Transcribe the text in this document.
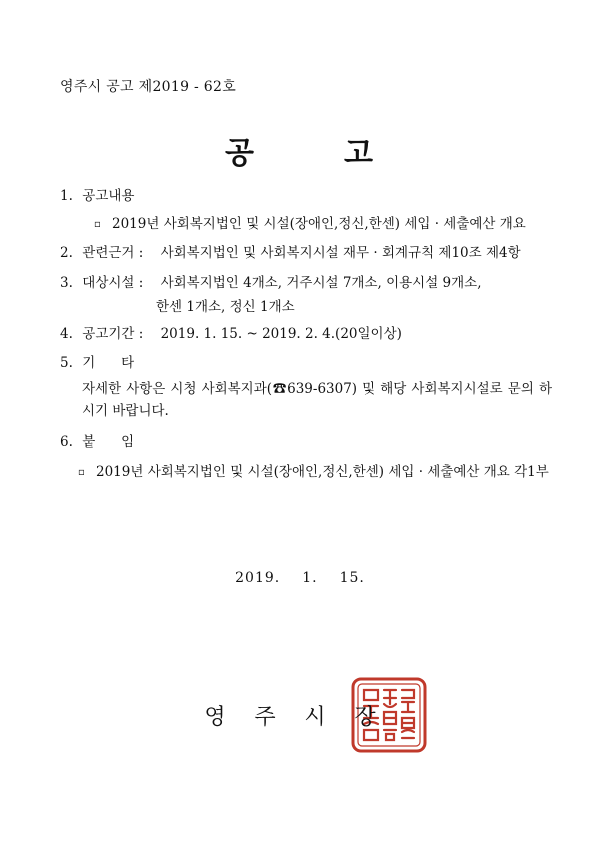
영주시 공고 제2019 - 62호
공	고
1. 공고내용
▫ 2019년 사회복지법인 및 시설(장애인,정신,한센) 세입 · 세출예산 개요
2. 관련근거 : 사회복지법인 및 사회복지시설 재무 · 회계규칙 제10조 제4항
3. 대상시설 : 사회복지법인 4개소, 거주시설 7개소, 이용시설 9개소,
한센 1개소, 정신 1개소
4. 공고기간 : 2019. 1. 15. ~ 2019. 2. 4.(20일이상)
5. 기      타
자세한 사항은 시청 사회복지과(☎639-6307) 및 해당 사회복지시설로 문의 하시기 바랍니다.
6. 붙      임
▫ 2019년 사회복지법인 및 시설(장애인,정신,한센) 세입 · 세출예산 개요 각1부
2019. 1. 15.
영 주 시 장
